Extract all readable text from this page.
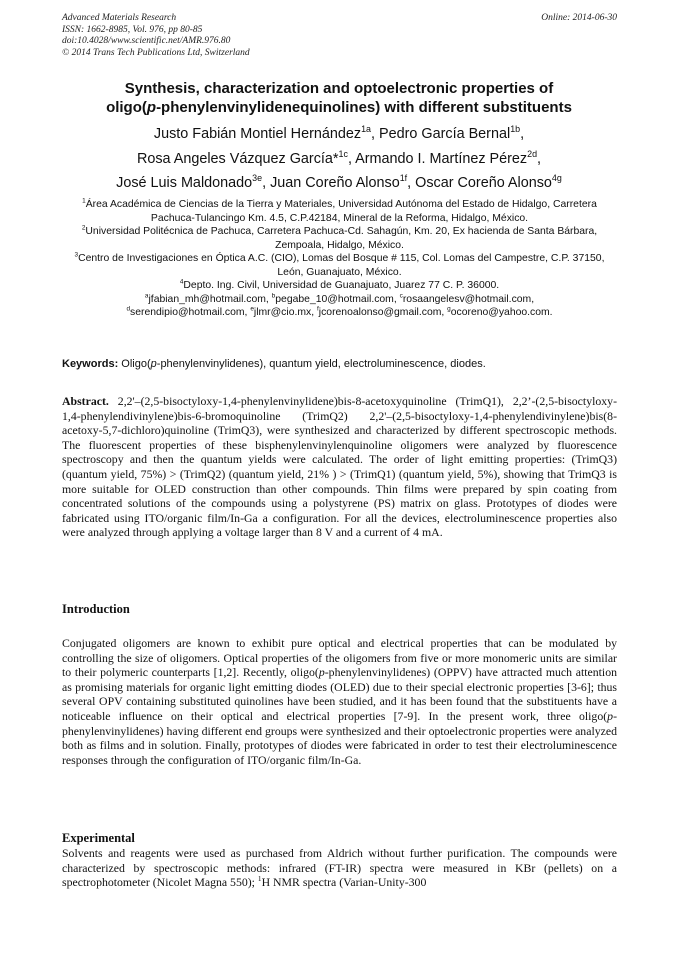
Advanced Materials Research
ISSN: 1662-8985, Vol. 976, pp 80-85
doi:10.4028/www.scientific.net/AMR.976.80
© 2014 Trans Tech Publications Ltd, Switzerland
Online: 2014-06-30
Synthesis, characterization and optoelectronic properties of
oligo(p-phenylenvinylidenequinolines) with different substituents
Justo Fabián Montiel Hernández$^{1a}$, Pedro García Bernal$^{1b}$,
Rosa Angeles Vázquez García*$^{1c}$, Armando I. Martínez Pérez$^{2d}$,
José Luis Maldonado$^{3e}$, Juan Coreño Alonso$^{1f}$, Oscar Coreño Alonso$^{4g}$
$^1$Área Académica de Ciencias de la Tierra y Materiales, Universidad Autónoma del Estado de Hidalgo, Carretera Pachuca-Tulancingo Km. 4.5, C.P.42184, Mineral de la Reforma, Hidalgo, México.
$^2$Universidad Politécnica de Pachuca, Carretera Pachuca-Cd. Sahagún, Km. 20, Ex hacienda de Santa Bárbara, Zempoala, Hidalgo, México.
$^3$Centro de Investigaciones en Óptica A.C. (CIO), Lomas del Bosque # 115, Col. Lomas del Campestre, C.P. 37150, León, Guanajuato, México.
$^4$Depto. Ing. Civil, Universidad de Guanajuato, Juarez 77 C. P. 36000.
$^a$jfabian_mh@hotmail.com, $^b$pegabe_10@hotmail.com, $^c$rosaangelesv@hotmail.com,
$^d$serendipio@hotmail.com, $^e$jlmr@cio.mx, $^f$jcorenoalonso@gmail.com, $^g$ocoreno@yahoo.com.
Keywords: Oligo(p-phenylenvinylidenes), quantum yield, electroluminescence, diodes.
Abstract. 2,2'–(2,5-bisoctyloxy-1,4-phenylenvinylidene)bis-8-acetoxyquinoline (TrimQ1), 2,2’-(2,5-bisoctyloxy-1,4-phenylendivinylene)bis-6-bromoquinoline (TrimQ2) 2,2'–(2,5-bisoctyloxy-1,4-phenylendivinylene)bis(8-acetoxy-5,7-dichloro)quinoline (TrimQ3), were synthesized and characterized by different spectroscopic methods. The fluorescent properties of these bisphenylenvinylenquinoline oligomers were analyzed by fluorescence spectroscopy and then the quantum yields were calculated. The order of light emitting properties: (TrimQ3) (quantum yield, 75%) > (TrimQ2) (quantum yield, 21% ) > (TrimQ1) (quantum yield, 5%), showing that TrimQ3 is more suitable for OLED construction than other compounds. Thin films were prepared by spin coating from concentrated solutions of the compounds using a polystyrene (PS) matrix on glass. Prototypes of diodes were fabricated using ITO/organic film/In-Ga a configuration. For all the devices, electroluminescence properties also were analyzed through applying a voltage larger than 8 V and a current of 4 mA.
Introduction
Conjugated oligomers are known to exhibit pure optical and electrical properties that can be modulated by controlling the size of oligomers. Optical properties of the oligomers from five or more monomeric units are similar to their polymeric counterparts [1,2]. Recently, oligo(p-phenylenvinylidenes) (OPPV) have attracted much attention as promising materials for organic light emitting diodes (OLED) due to their special electronic properties [3-6]; thus several OPV containing substituted quinolines have been studied, and it has been found that the substituents have a noticeable influence on their optical and electrical properties [7-9]. In the present work, three oligo(p-phenylenvinylidenes) having different end groups were synthesized and their optoelectronic properties were analyzed both as films and in solution. Finally, prototypes of diodes were fabricated in order to test their electroluminescence responses through the configuration of ITO/organic film/In-Ga.
Experimental
Solvents and reagents were used as purchased from Aldrich without further purification. The compounds were characterized by spectroscopic methods: infrared (FT-IR) spectra were measured in KBr (pellets) on a spectrophotometer (Nicolet Magna 550); $^1$H NMR spectra (Varian-Unity-300
